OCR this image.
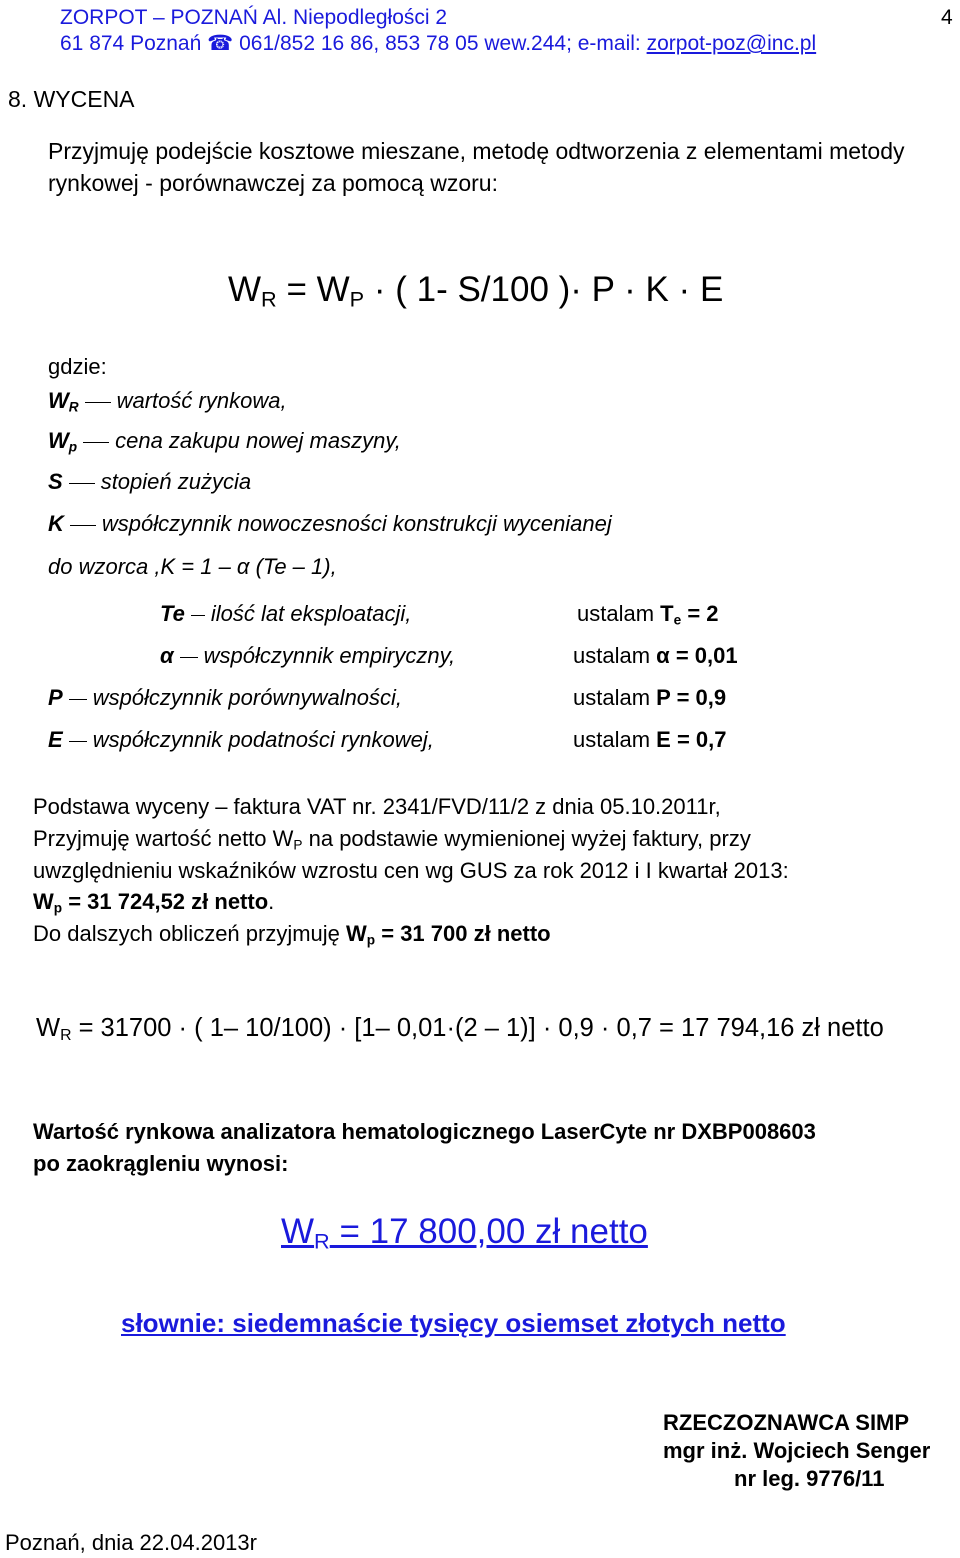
ZORPOT – POZNAŃ Al. Niepodległości 2
61 874 Poznań ☎ 061/852 16 86, 853 78 05 wew.244; e-mail: zorpot-poz@inc.pl
4
8. WYCENA
Przyjmuję podejście kosztowe mieszane, metodę odtworzenia z elementami metody
rynkowej - porównawczej za pomocą wzoru:
$W_R = W_P$ · ( 1- S/100 )· P · K · E
gdzie:
$W_R$ wartość rynkowa,
$W_p$ cena zakupu nowej maszyny,
S stopień zużycia
K współczynnik nowoczesności konstrukcji wycenianej
do wzorca ,K = 1 – α (Te – 1),
Te ilość lat eksploatacji,	ustalam $T_e = 2$
α współczynnik empiryczny,	ustalam α = 0,01
P współczynnik porównywalności,	ustalam P = 0,9
E współczynnik podatności rynkowej,	ustalam E = 0,7
Podstawa wyceny – faktura VAT nr. 2341/FVD/11/2 z dnia 05.10.2011r,
Przyjmuję wartość netto $W_P$ na podstawie wymienionej wyżej faktury, przy
uwzględnieniu wskaźników wzrostu cen wg GUS za rok 2012 i I kwartał 2013:
$W_p = 31$ 724,52 zł netto.
Do dalszych obliczeń przyjmuję $W_p = 31$ 700 zł netto
$W_R = 31700$ · ( 1– 10/100) · [1– 0,01·(2 – 1)] · 0,9 · 0,7 = 17 794,16 zł netto
Wartość rynkowa analizatora hematologicznego LaserCyte nr DXBP008603
po zaokrągleniu wynosi:
$W_R = 17$ 800,00 zł netto
słownie: siedemnaście tysięcy osiemset złotych netto
RZECZOZNAWCA SIMP
mgr inż. Wojciech Senger
nr leg. 9776/11
Poznań, dnia 22.04.2013r
